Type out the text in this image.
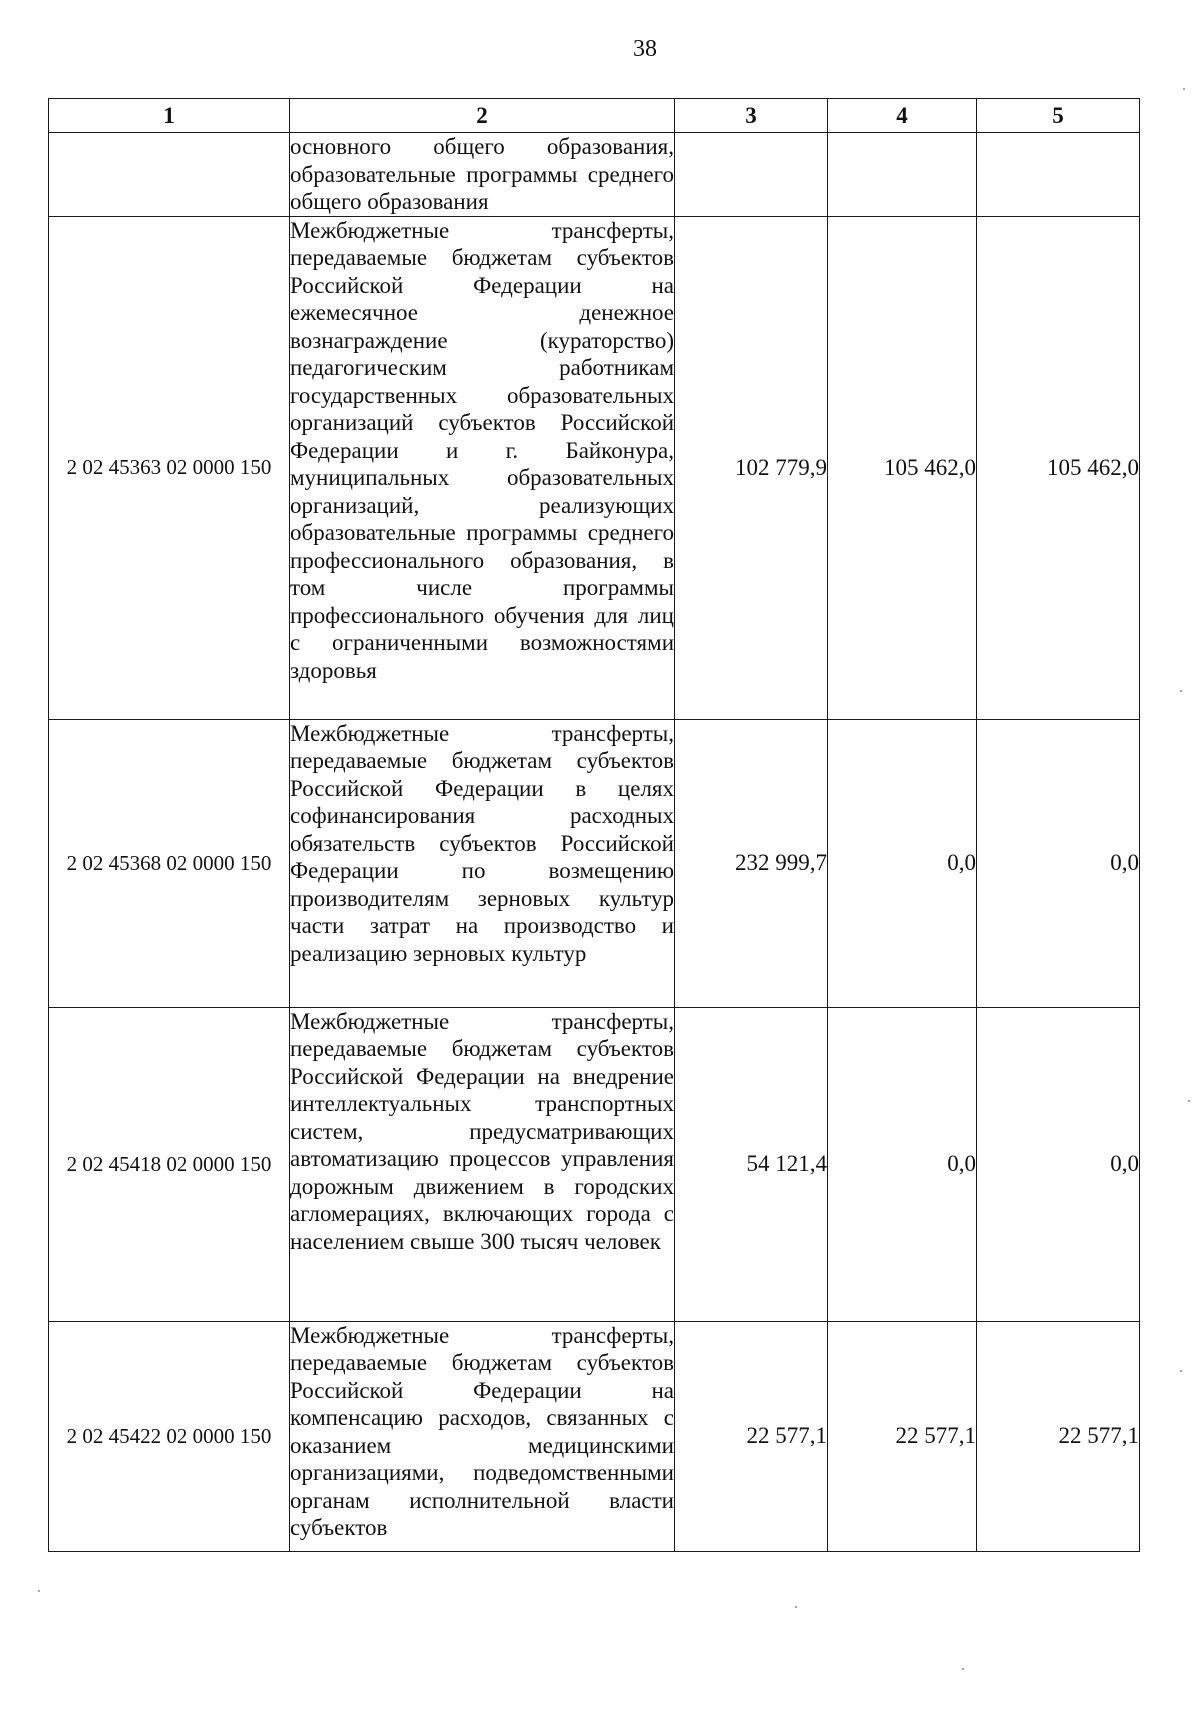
38
1	2	3	4	5
	основного общего образования, образовательные программы среднего общего образования			
2 02 45363 02 0000 150	Межбюджетные трансферты, передаваемые бюджетам субъектов Российской Федерации на ежемесячное денежное вознаграждение (кураторство) педагогическим работникам государственных образовательных организаций субъектов Российской Федерации и г. Байконура, муниципальных образовательных организаций, реализующих образовательные программы среднего профессионального образования, в том числе программы профессионального обучения для лиц с ограниченными возможностями здоровья	102 779,9	105 462,0	105 462,0
2 02 45368 02 0000 150	Межбюджетные трансферты, передаваемые бюджетам субъектов Российской Федерации в целях софинансирования расходных обязательств субъектов Российской Федерации по возмещению производителям зерновых культур части затрат на производство и реализацию зерновых культур	232 999,7	0,0	0,0
2 02 45418 02 0000 150	Межбюджетные трансферты, передаваемые бюджетам субъектов Российской Федерации на внедрение интеллектуальных транспортных систем, предусматривающих автоматизацию процессов управления дорожным движением в городских агломерациях, включающих города с населением свыше 300 тысяч человек	54 121,4	0,0	0,0
2 02 45422 02 0000 150	Межбюджетные трансферты, передаваемые бюджетам субъектов Российской Федерации на компенсацию расходов, связанных с оказанием медицинскими организациями, подведомственными органам исполнительной власти субъектов	22 577,1	22 577,1	22 577,1
